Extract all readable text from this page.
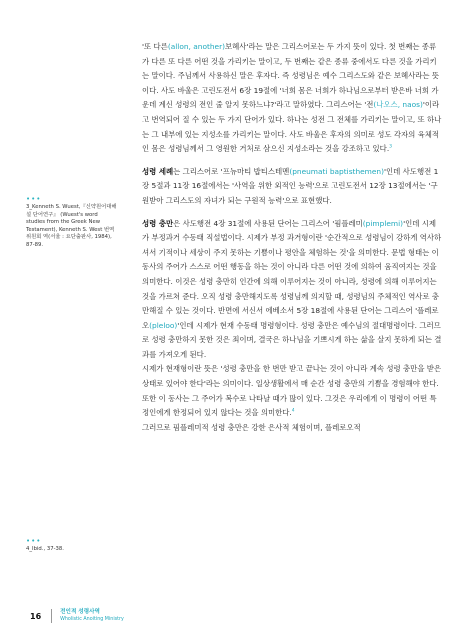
•••
3_Kenneth S. Wuest,『신약원어대해설 단어연구』 (Wuest's word studies from the Greek New Testament), Kenneth S. West 번역위원회 역(서울 : 요단출판사, 1984), 87-89.
•••
4_Ibid., 37-38.

'또 다른(allon, another)보혜사'라는 말은 그리스어로는 두 가지 뜻이 있다. 첫 번째는 종류가 다른 또 다른 어떤 것을 가리키는 말이고, 두 번째는 같은 종류 중에서도 다른 것을 가리키는 말이다. 주님께서 사용하신 말은 후자다. 즉 성령님은 예수 그리스도와 같은 보혜사라는 뜻이다. 사도 바울은 고린도전서 6장 19절에 '너희 몸은 너희가 하나님으로부터 받은바 너희 가운데 계신 성령의 전인 줄 알지 못하느냐?'라고 말하였다. 그리스어는 '전(나오스, naos)'이라고 번역되어 질 수 있는 두 가지 단어가 있다. 하나는 성전 그 전체를 가리키는 말이고, 또 하나는 그 내부에 있는 지성소를 가리키는 말이다. 사도 바울은 후자의 의미로 성도 각자의 육체적인 몸은 성령님께서 그 영원한 거처로 삼으신 지성소라는 것을 강조하고 있다.$^3$

성령 세례는 그리스어로 '프뉴마티 밥티스테멘(pneumati baptisthemen)'인데 사도행전 1장 5절과 11장 16절에서는 '사역을 위한 외적인 능력'으로 고린도전서 12장 13절에서는 '구원받아 그리스도의 자녀가 되는 구원적 능력'으로 표현했다.

성령 충만은 사도행전 4장 31절에 사용된 단어는 그리스어 '핌플레미(pimplemi)'인데 시제가 부정과거 수동태 직설법이다. 시제가 부정 과거형이란 '순간적으로 성령님이 강하게 역사하셔서 기적이나 세상이 주지 못하는 기쁨이나 평안을 체험하는 것'을 의미한다. 문법 형태는 이 동사의 주어가 스스로 어떤 행동을 하는 것이 아니라 다른 어떤 것에 의하여 움직여지는 것을 의미한다. 이것은 성령 충만히 인간에 의해 이루어지는 것이 아니라, 성령에 의해 이루어지는 것을 가르쳐 준다. 오직 성령 충만해지도록 성령님께 의지할 때, 성령님의 주체적인 역사로 충만해질 수 있는 것이다. 반면에 서신서 에베소서 5장 18절에 사용된 단어는 그리스어 '플레로오(pleloo)'인데 시제가 현재 수동태 명령형이다. 성령 충만은 예수님의 절대명령이다. 그러므로 성령 충만하지 못한 것은 죄이며, 결국은 하나님을 기쁘시게 하는 삶을 살지 못하게 되는 결과를 가져오게 된다.

시제가 현재형이란 뜻은 '성령 충만을 한 번만 받고 끝나는 것이 아니라 계속 성령 충만을 받은 상태로 있어야 한다'라는 의미이다. 일상생활에서 매 순간 성령 충만의 기쁨을 경험해야 한다. 또한 이 동사는 그 주어가 복수로 나타날 때가 많이 있다. 그것은 우리에게 이 명령이 어떤 특정인에게 한정되어 있지 않다는 것을 의미한다.$^4$

그러므로 핌플레미적 성령 충만은 강한 은사적 체험이며, 플레로오적

16	전인적 성령사역
Wholistic Anoiting Ministry
